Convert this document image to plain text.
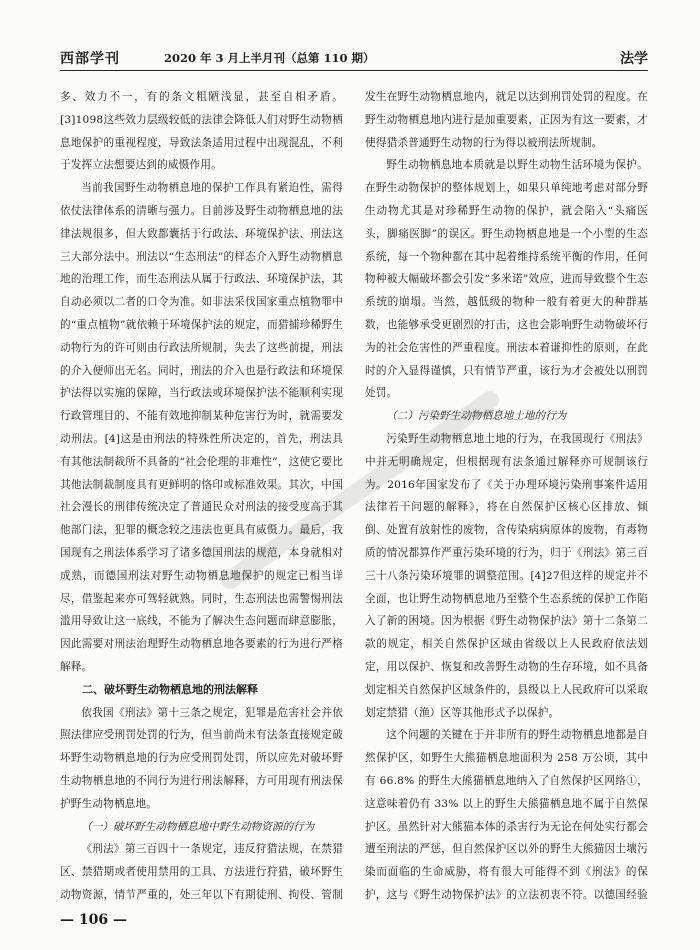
西部学刊	2020 年 3 月上半月刊（总第 110 期）	法学

多、效力不一，有的条文粗陋浅显，甚至自相矛盾。[3]1098这些效力层级较低的法律会降低人们对野生动物栖息地保护的重视程度，导致法条适用过程中出现混乱，不利于发挥立法想要达到的威慑作用。

当前我国野生动物栖息地的保护工作具有紧迫性，需得依仗法律体系的清晰与强力。目前涉及野生动物栖息地的法律法规很多，但大致都囊括于行政法、环境保护法、刑法这三大部分法中。刑法以“生态刑法”的样态介入野生动物栖息地的治理工作，而生态刑法从属于行政法、环境保护法，其自动必须以二者的口令为准。如非法采伐国家重点植物罪中的“重点植物”就依赖于环境保护法的规定，而猎捕珍稀野生动物行为的许可则由行政法所规制，失去了这些前提，刑法的介入便师出无名。同时，刑法的介入也是行政法和环境保护法得以实施的保障，当行政法或环境保护法不能顺利实现行政管理目的、不能有效地抑制某种危害行为时，就需要发动刑法。[4]这是由刑法的特殊性所决定的，首先，刑法具有其他法制裁所不具备的“社会伦理的非难性”，这使它要比其他法制裁制度具有更鲜明的恪印或标准效果。其次，中国社会漫长的刑律传统决定了普通民众对刑法的接受度高于其他部门法，犯罪的概念较之违法也更具有威慑力。最后，我国现有之刑法体系学习了诸多德国刑法的规范，本身就相对成熟，而德国刑法对野生动物栖息地保护的规定已相当详尽，借鉴起来亦可驾轻就熟。同时，生态刑法也需警惕刑法滥用导致让这一底线，不能为了解决生态问题而肆意膨胀，因此需要对刑法治理野生动物栖息地各要素的行为进行严格解释。

二、破坏野生动物栖息地的刑法解释

依我国《刑法》第十三条之规定，犯罪是危害社会并依照法律应受刑罚处罚的行为，但当前尚未有法条直接规定破坏野生动物栖息地的行为应受刑罚处罚，所以应先对破坏野生动物栖息地的不同行为进行刑法解释，方可用现有刑法保护野生动物栖息地。

（一）破坏野生动物栖息地中野生动物资源的行为

《刑法》第三百四十一条规定，违反狩猎法规，在禁猎区、禁猎期或者使用禁用的工具、方法进行狩猎，破坏野生动物资源，情节严重的，处三年以下有期徒刑、拘役、管制

发生在野生动物栖息地内，就足以达到刑罚处罚的程度。在野生动物栖息地内进行是加重要素，正因为有这一要素，才使得猎杀普通野生动物的行为得以被刑法所规制。

野生动物栖息地本质就是以野生动物生活环境为保护。在野生动物保护的整体规划上，如果只单纯地考虑对部分野生动物尤其是对珍稀野生动物的保护，就会陷入“头痛医头，脚痛医脚”的误区。野生动物栖息地是一个小型的生态系统，每一个物种都在其中起着维持系统平衡的作用，任何物种被大幅破坏都会引发“多米诺”效应，进而导致整个生态系统的崩塌。当然，越低级的物种一般有着更大的种群基数，也能够承受更剧烈的打击，这也会影响野生动物破坏行为的社会危害性的严重程度。刑法本着谦抑性的原则，在此时的介入显得谨慎，只有情节严重，该行为才会被处以刑罚处罚。

（二）污染野生动物栖息地土地的行为

污染野生动物栖息地土地的行为，在我国现行《刑法》中并无明确规定，但根据现有法条通过解释亦可规制该行为。2016年国家发布了《关于办理环境污染刑事案件适用法律若干问题的解释》，将在自然保护区核心区排放、倾倒、处置有放射性的废物，含传染病病原体的废物，有毒物质的情况都算作严重污染环境的行为，归于《刑法》第三百三十八条污染环境罪的调整范围。[4]27但这样的规定并不全面，也让野生动物栖息地乃至整个生态系统的保护工作陷入了新的困境。因为根据《野生动物保护法》第十二条第二款的规定，相关自然保护区域由省级以上人民政府依法划定，用以保护、恢复和改善野生动物的生存环境，如不具备划定相关自然保护区域条件的，县级以上人民政府可以采取划定禁猎（渔）区等其他形式予以保护。

这个问题的关键在于并非所有的野生动物栖息地都是自然保护区，如野生大熊猫栖息地面积为 258 万公顷，其中有 66.8% 的野生大熊猫栖息地纳入了自然保护区网络①，这意味着仍有 33% 以上的野生大熊猫栖息地不属于自然保护区。虽然针对大熊猫本体的杀害行为无论在何处实行都会遭至刑法的严惩，但自然保护区以外的野生大熊猫因土壤污染而面临的生命威胁，将有很大可能得不到《刑法》的保护，这与《野生动物保护法》的立法初衷不符。以德国经验

— 106 —
